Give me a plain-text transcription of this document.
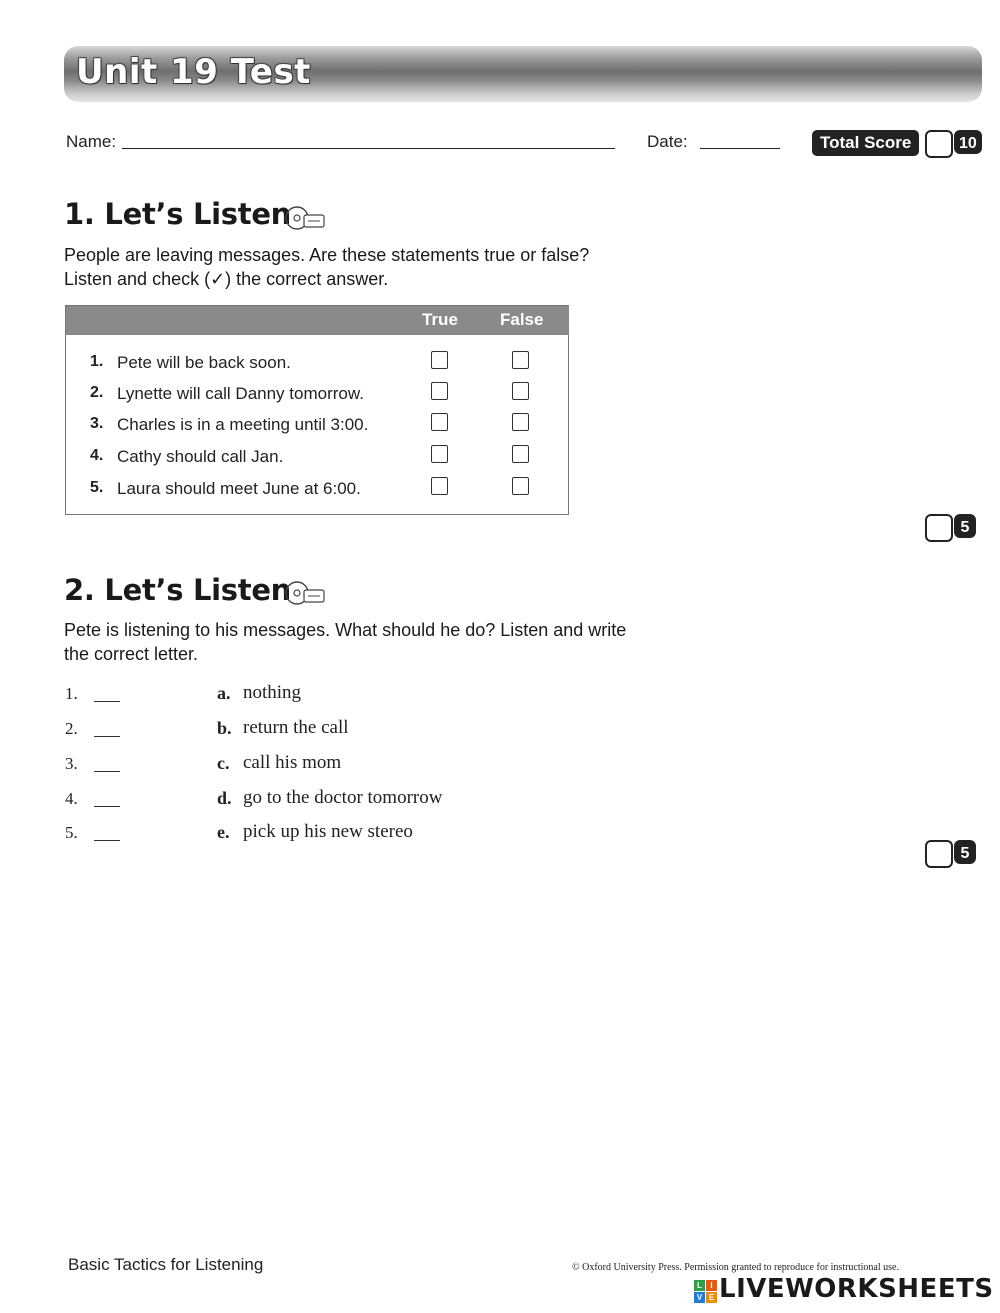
Unit 19 Test
Name:	Date:	Total Score	10
1. Let’s Listen
People are leaving messages. Are these statements true or false?
Listen and check (✓) the correct answer.
True False
1. Pete will be back soon.
2. Lynette will call Danny tomorrow.
3. Charles is in a meeting until 3:00.
4. Cathy should call Jan.
5. Laura should meet June at 6:00.
5
2. Let’s Listen
Pete is listening to his messages. What should he do? Listen and write
the correct letter.
1.
2.
3.
4.
5.
a. nothing
b. return the call
c. call his mom
d. go to the doctor tomorrow
e. pick up his new stereo
5
Basic Tactics for Listening	© Oxford University Press. Permission granted to reproduce for instructional use.
L	I
V E LIVEWORKSHEETS
